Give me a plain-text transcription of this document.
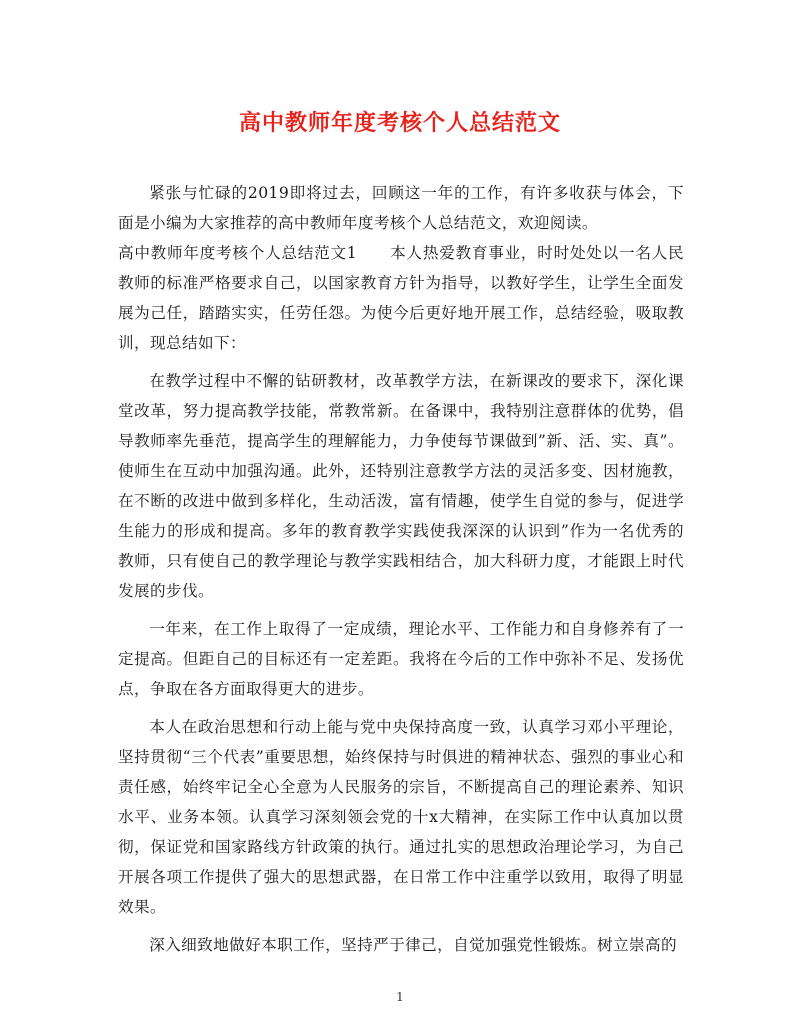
高中教师年度考核个人总结范文

紧张与忙碌的2019即将过去，回顾这一年的工作，有许多收获与体会，下面是小编为大家推荐的高中教师年度考核个人总结范文，欢迎阅读。

高中教师年度考核个人总结范文1　　本人热爱教育事业，时时处处以一名人民教师的标准严格要求自己，以国家教育方针为指导，以教好学生，让学生全面发展为己任，踏踏实实，任劳任怨。为使今后更好地开展工作，总结经验，吸取教训，现总结如下：

在教学过程中不懈的钻研教材，改革教学方法，在新课改的要求下，深化课堂改革，努力提高教学技能，常教常新。在备课中，我特别注意群体的优势，倡导教师率先垂范，提高学生的理解能力，力争使每节课做到”新、活、实、真”。使师生在互动中加强沟通。此外，还特别注意教学方法的灵活多变、因材施教，在不断的改进中做到多样化，生动活泼，富有情趣，使学生自觉的参与，促进学生能力的形成和提高。多年的教育教学实践使我深深的认识到”作为一名优秀的教师，只有使自己的教学理论与教学实践相结合，加大科研力度，才能跟上时代发展的步伐。

一年来，在工作上取得了一定成绩，理论水平、工作能力和自身修养有了一定提高。但距自己的目标还有一定差距。我将在今后的工作中弥补不足、发扬优点，争取在各方面取得更大的进步。

本人在政治思想和行动上能与党中央保持高度一致，认真学习邓小平理论，坚持贯彻“三个代表”重要思想，始终保持与时俱进的精神状态、强烈的事业心和责任感，始终牢记全心全意为人民服务的宗旨，不断提高自己的理论素养、知识水平、业务本领。认真学习深刻领会党的十x大精神，在实际工作中认真加以贯彻，保证党和国家路线方针政策的执行。通过扎实的思想政治理论学习，为自己开展各项工作提供了强大的思想武器，在日常工作中注重学以致用，取得了明显效果。

深入细致地做好本职工作，坚持严于律己，自觉加强党性锻炼。树立崇高的

1
